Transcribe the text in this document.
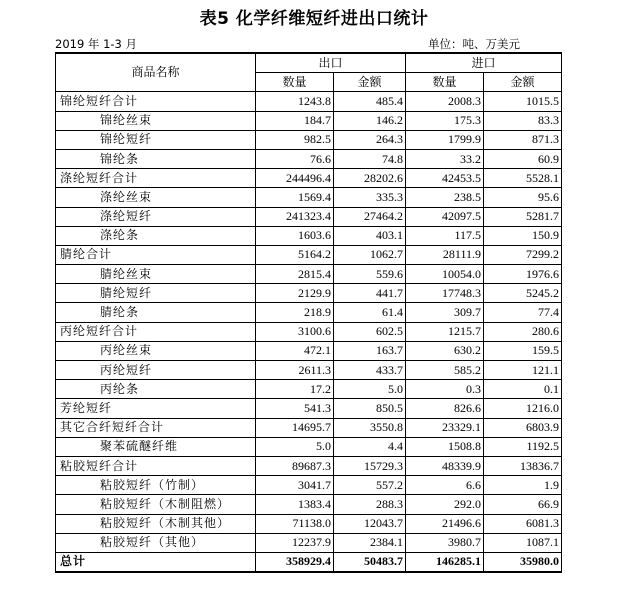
表5 化学纤维短纤进出口统计
2019 年 1-3 月	单位：吨、万美元
商品名称	出口		进口	
	数量	金额	数量	金额
锦纶短纤合计	1243.8	485.4	2008.3	1015.5
锦纶丝束	184.7	146.2	175.3	83.3
锦纶短纤	982.5	264.3	1799.9	871.3
锦纶条	76.6	74.8	33.2	60.9
涤纶短纤合计	244496.4	28202.6	42453.5	5528.1
涤纶丝束	1569.4	335.3	238.5	95.6
涤纶短纤	241323.4	27464.2	42097.5	5281.7
涤纶条	1603.6	403.1	117.5	150.9
腈纶合计	5164.2	1062.7	28111.9	7299.2
腈纶丝束	2815.4	559.6	10054.0	1976.6
腈纶短纤	2129.9	441.7	17748.3	5245.2
腈纶条	218.9	61.4	309.7	77.4
丙纶短纤合计	3100.6	602.5	1215.7	280.6
丙纶丝束	472.1	163.7	630.2	159.5
丙纶短纤	2611.3	433.7	585.2	121.1
丙纶条	17.2	5.0	0.3	0.1
芳纶短纤	541.3	850.5	826.6	1216.0
其它合纤短纤合计	14695.7	3550.8	23329.1	6803.9
聚苯硫醚纤维	5.0	4.4	1508.8	1192.5
粘胶短纤合计	89687.3	15729.3	48339.9	13836.7
粘胶短纤（竹制）	3041.7	557.2	6.6	1.9
粘胶短纤（木制阻燃）	1383.4	288.3	292.0	66.9
粘胶短纤（木制其他）	71138.0	12043.7	21496.6	6081.3
粘胶短纤（其他）	12237.9	2384.1	3980.7	1087.1
总计	358929.4	50483.7	146285.1	35980.0
